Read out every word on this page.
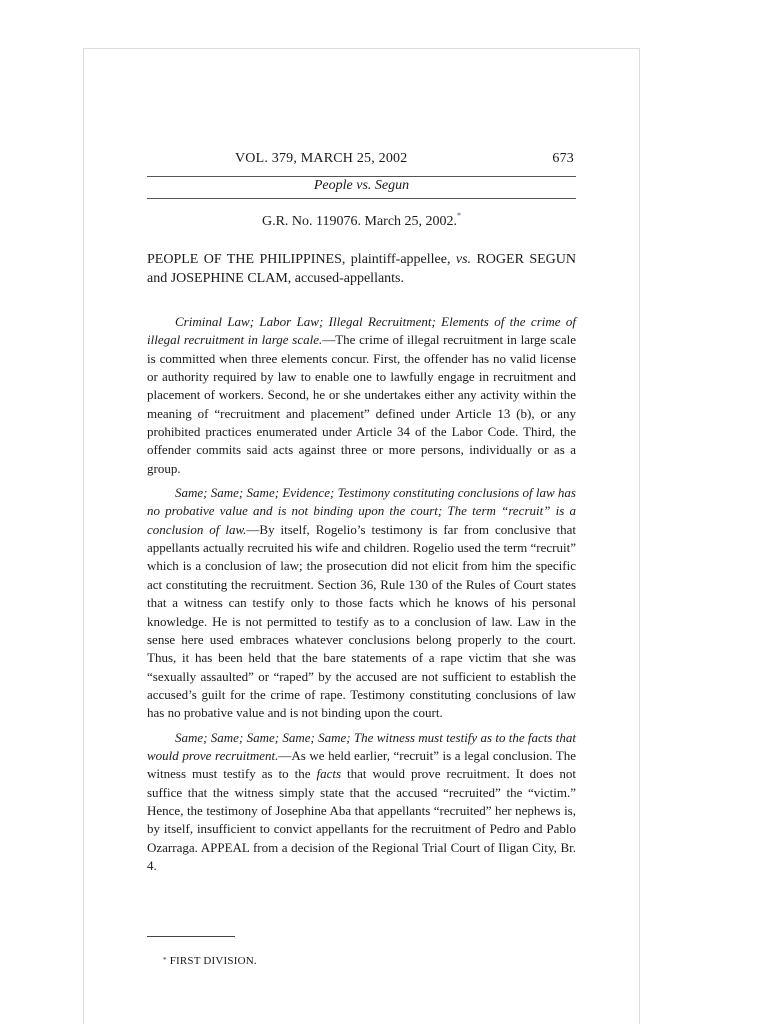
VOL. 379, MARCH 25, 2002	673
People vs. Segun
G.R. No. 119076. March 25, 2002.*
PEOPLE OF THE PHILIPPINES, plaintiff-appellee, vs. ROGER SEGUN and JOSEPHINE CLAM, accused-appellants.

Criminal Law; Labor Law; Illegal Recruitment; Elements of the crime of illegal recruitment in large scale.—The crime of illegal recruitment in large scale is committed when three elements concur. First, the offender has no valid license or authority required by law to enable one to lawfully engage in recruitment and placement of workers. Second, he or she undertakes either any activity within the meaning of “recruitment and placement” defined under Article 13 (b), or any prohibited practices enumerated under Article 34 of the Labor Code. Third, the offender commits said acts against three or more persons, individually or as a group.

Same; Same; Same; Evidence; Testimony constituting conclusions of law has no probative value and is not binding upon the court; The term “recruit” is a conclusion of law.—By itself, Rogelio’s testimony is far from conclusive that appellants actually recruited his wife and children. Rogelio used the term “recruit” which is a conclusion of law; the prosecution did not elicit from him the specific act constituting the recruitment. Section 36, Rule 130 of the Rules of Court states that a witness can testify only to those facts which he knows of his personal knowledge. He is not permitted to testify as to a conclusion of law. Law in the sense here used embraces whatever conclusions belong properly to the court. Thus, it has been held that the bare statements of a rape victim that she was “sexually assaulted” or “raped” by the accused are not sufficient to establish the accused’s guilt for the crime of rape. Testimony constituting conclusions of law has no probative value and is not binding upon the court.

Same; Same; Same; Same; Same; The witness must testify as to the facts that would prove recruitment.—As we held earlier, “recruit” is a legal conclusion. The witness must testify as to the facts that would prove recruitment. It does not suffice that the witness simply state that the accused “recruited” the “victim.” Hence, the testimony of Josephine Aba that appellants “recruited” her nephews is, by itself, insufficient to convict appellants for the recruitment of Pedro and Pablo Ozarraga. APPEAL from a decision of the Regional Trial Court of Iligan City, Br. 4.

* FIRST DIVISION.
